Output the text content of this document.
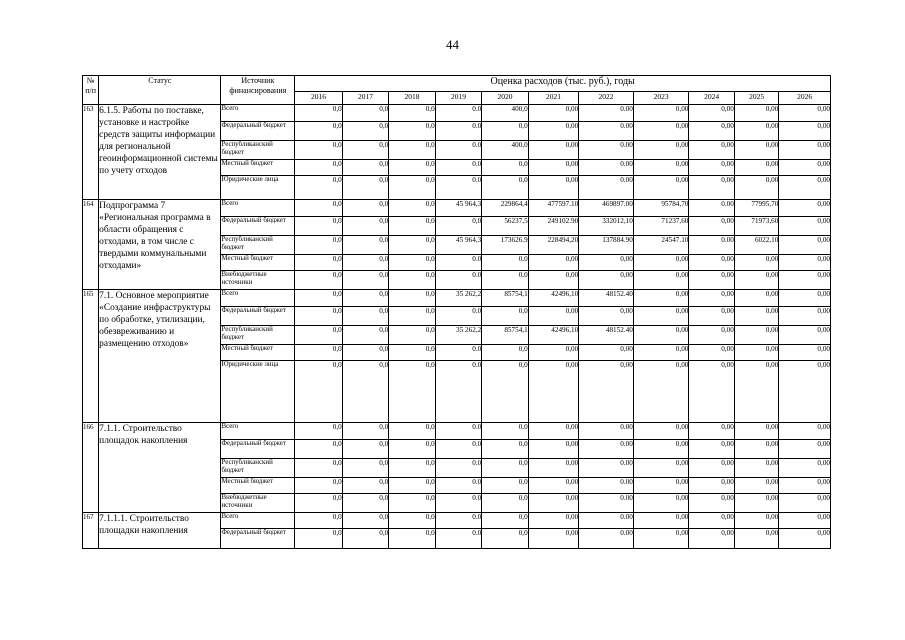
44
№ п/п	Статус	Источник финансирования	Оценка расходов (тыс. руб.), годы										
			2016	2017	2018	2019	2020	2021	2022	2023	2024	2025	2026
163	6.1.5. Работы по поставке, установке и настройке средств защиты информации для региональной геоинформационной системы по учету отходов	Всего	0,0	0,0	0,0	0.0	400,0	0,00	0.00	0,00	0,00	0,00	0,00
		Федеральный бюджет	0,0	0,0	0,0	0.0	0,0	0,00	0.00	0,00	0,00	0,00	0,00
		Республиканский бюджет	0,0	0,0	0,0	0.0	400,0	0,00	0.00	0,00	0,00	0,00	0,00
		Местный бюджет	0,0	0,0	0,0	0.0	0,0	0,00	0.00	0,00	0,00	0,00	0,00
		Юридические лица	0,0	0,0	0,0	0.0	0,0	0,00	0.00	0,00	0,00	0,00	0,00
164	Подпрограмма 7 «Региональная программа в области обращения с отходами, в том числе с твердыми коммунальными отходами»	Всего	0,0	0,0	0,0	45 964,3	229864,4	477597.10	469897.00	95784,70	0.00	77995,70	0,00
		Федеральный бюджет	0,0	0,0	0,0	0,0	56237,5	249102.90	332012,10	71237,60	0,00	71973,60	0,00
		Республиканский бюджет	0,0	0,0	0,0	45 964,3	173626.9	228494,20	137884.90	24547.10	0.00	6022,10	0,00
		Местный бюджет	0,0	0,0	0,0	0.0	0,0	0,00	0,00	0,00	0,00	0,00	0,00
		Внебюджетные источники	0,0	0,0	0,0	0.0	0,0	0,00	0,00	0,00	0,00	0,00	0,00
165	7.1. Основное мероприятие «Создание инфраструктуры по обработке, утилизации, обезвреживанию и размещению отходов»	Всего	0,0	0,0	0,0	35 262,2	85754,1	42496,10	48152.40	0,00	0,00	0,00	0,00
		Федеральный бюджет	0,0	0,0	0,0	0.0	0,0	0,00	0,00	0,00	0,00	0,00	0,00
		Республиканский бюджет	0,0	0,0	0,0	35 262,2	85754,1	42496,10	48152.40	0,00	0,00	0,00	0,00
		Местный бюджет	0,0	0,0	0,0	0.0	0,0	0,00	0,00	0,00	0,00	0,00	0,00
		Юридические лица	0,0	0,0	0,0	0.0	0,0	0,00	0,00	0,00	0,00	0,00	0,00
166	7.1.1. Строительство площадок накопления	Всего	0,0	0,0	0,0	0.0	0,0	0,00	0.00	0,00	0,00	0,00	0,00
		Федеральный бюджет	0,0	0,0	0,0	0.0	0,0	0,00	0.00	0,00	0,00	0,00	0,00
		Республиканский бюджет	0,0	0,0	0,0	0.0	0,0	0,00	0.00	0,00	0,00	0,00	0,00
		Местный бюджет	0,0	0,0	0,0	0.0	0,0	0,00	0.00	0,00	0,00	0,00	0,00
		Внебюджетные источники	0,0	0,0	0,0	0.0	0,0	0,00	0.00	0,00	0,00	0,00	0,00
167	7.1.1.1. Строительство площадки накопления	Всего	0,0	0,0	0,0	0.0	0,0	0,00	0.00	0,00	0,00	0,00	0,00
		Федеральный бюджет	0,0	0,0	0,0	0.0	0,0	0,00	0.00	0,00	0,00	0,00	0,00
